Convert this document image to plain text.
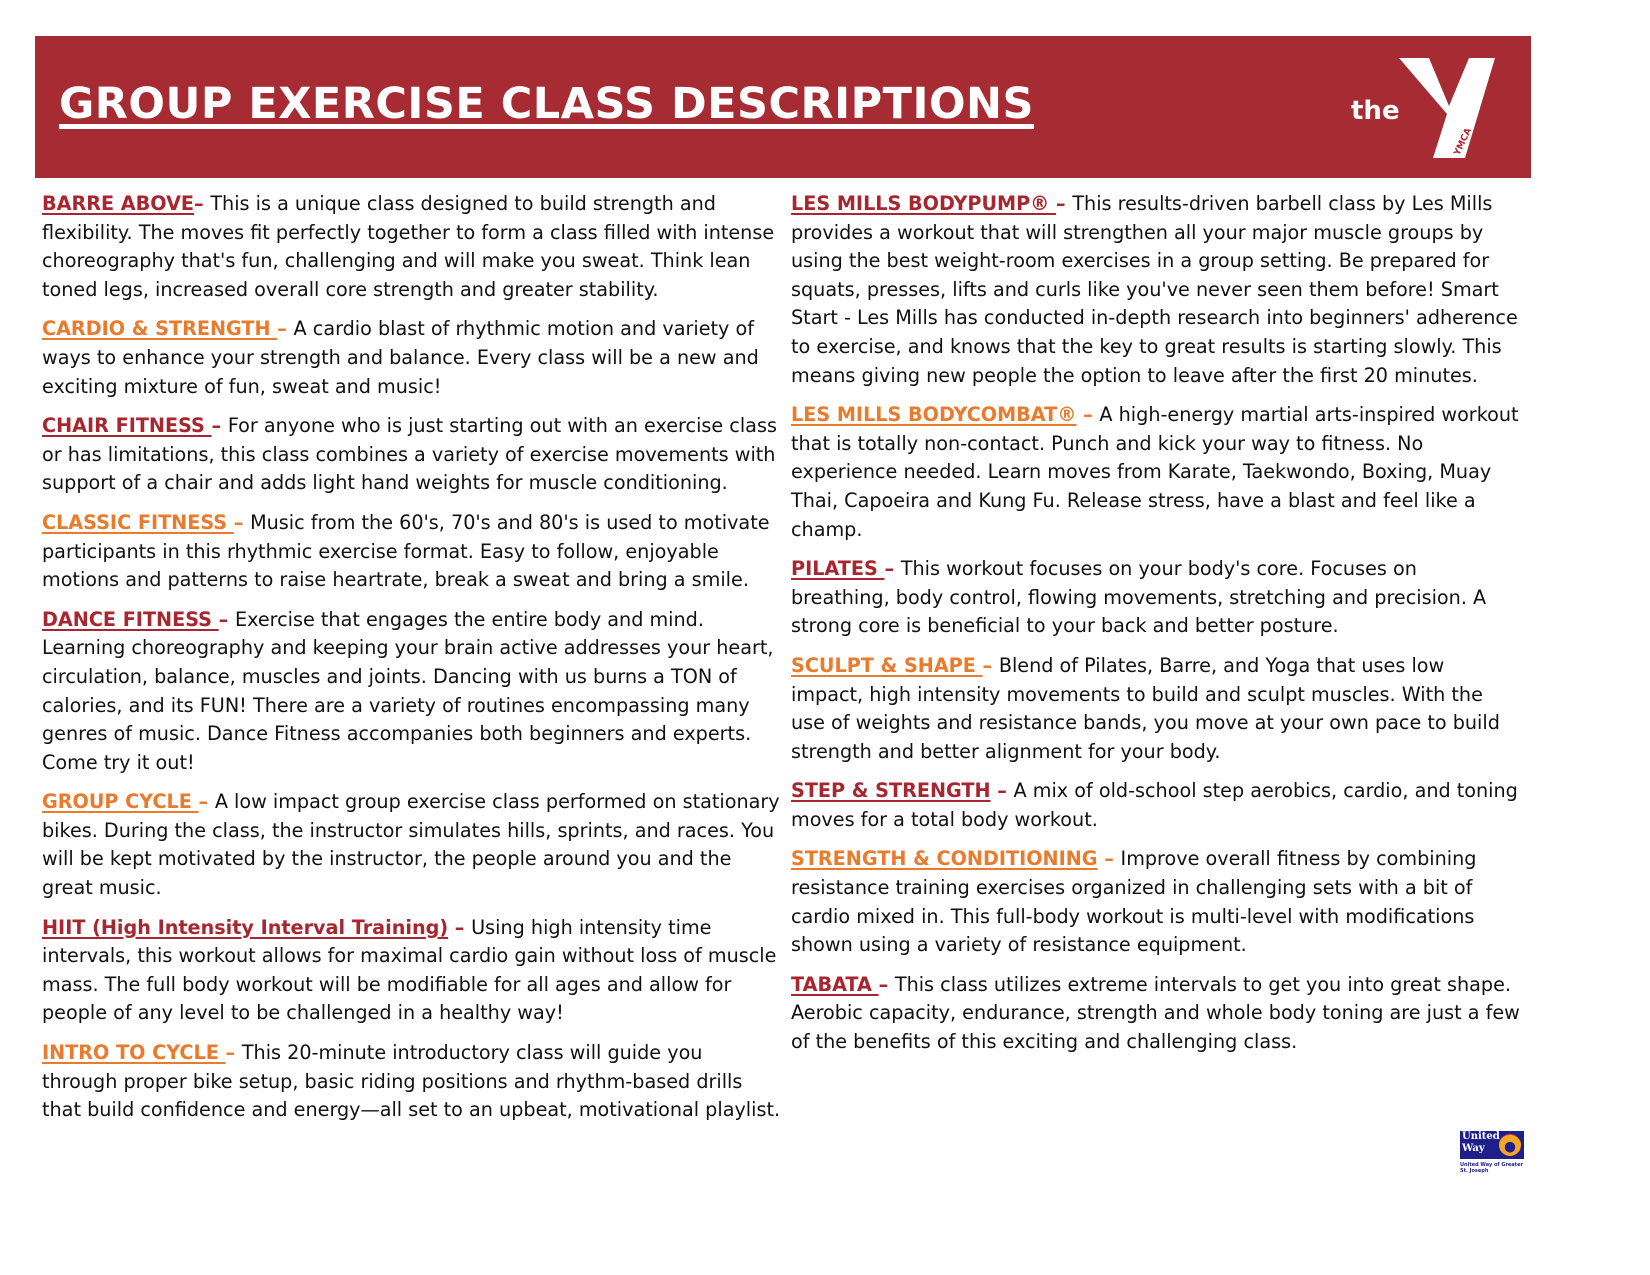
GROUP EXERCISE CLASS DESCRIPTIONS	the
YMCA

BARRE ABOVE– This is a unique class designed to build strength and flexibility. The moves fit perfectly together to form a class filled with intense choreography that's fun, challenging and will make you sweat. Think lean toned legs, increased overall core strength and greater stability.

CARDIO & STRENGTH – A cardio blast of rhythmic motion and variety of ways to enhance your strength and balance. Every class will be a new and exciting mixture of fun, sweat and music!

CHAIR FITNESS – For anyone who is just starting out with an exercise class or has limitations, this class combines a variety of exercise movements with support of a chair and adds light hand weights for muscle conditioning.

CLASSIC FITNESS – Music from the 60's, 70's and 80's is used to motivate participants in this rhythmic exercise format. Easy to follow, enjoyable motions and patterns to raise heartrate, break a sweat and bring a smile.

DANCE FITNESS – Exercise that engages the entire body and mind. Learning choreography and keeping your brain active addresses your heart, circulation, balance, muscles and joints. Dancing with us burns a TON of calories, and its FUN! There are a variety of routines encompassing many genres of music. Dance Fitness accompanies both beginners and experts. Come try it out!

GROUP CYCLE – A low impact group exercise class performed on stationary bikes. During the class, the instructor simulates hills, sprints, and races. You will be kept motivated by the instructor, the people around you and the great music.

HIIT (High Intensity Interval Training) – Using high intensity time intervals, this workout allows for maximal cardio gain without loss of muscle mass. The full body workout will be modifiable for all ages and allow for people of any level to be challenged in a healthy way!

INTRO TO CYCLE – This 20-minute introductory class will guide you through proper bike setup, basic riding positions and rhythm-based drills that build confidence and energy—all set to an upbeat, motivational playlist.

LES MILLS BODYPUMP® – This results-driven barbell class by Les Mills provides a workout that will strengthen all your major muscle groups by using the best weight-room exercises in a group setting. Be prepared for squats, presses, lifts and curls like you've never seen them before! Smart Start - Les Mills has conducted in-depth research into beginners' adherence to exercise, and knows that the key to great results is starting slowly. This means giving new people the option to leave after the first 20 minutes.

LES MILLS BODYCOMBAT® – A high-energy martial arts-inspired workout that is totally non-contact. Punch and kick your way to fitness. No experience needed. Learn moves from Karate, Taekwondo, Boxing, Muay Thai, Capoeira and Kung Fu. Release stress, have a blast and feel like a champ.

PILATES – This workout focuses on your body's core. Focuses on breathing, body control, flowing movements, stretching and precision. A strong core is beneficial to your back and better posture.

SCULPT & SHAPE – Blend of Pilates, Barre, and Yoga that uses low impact, high intensity movements to build and sculpt muscles. With the use of weights and resistance bands, you move at your own pace to build strength and better alignment for your body.

STEP & STRENGTH – A mix of old-school step aerobics, cardio, and toning moves for a total body workout.

STRENGTH & CONDITIONING – Improve overall fitness by combining resistance training exercises organized in challenging sets with a bit of cardio mixed in. This full-body workout is multi-level with modifications shown using a variety of resistance equipment.

TABATA – This class utilizes extreme intervals to get you into great shape. Aerobic capacity, endurance, strength and whole body toning are just a few of the benefits of this exciting and challenging class.

United Way
United Way of Greater St. Joseph
